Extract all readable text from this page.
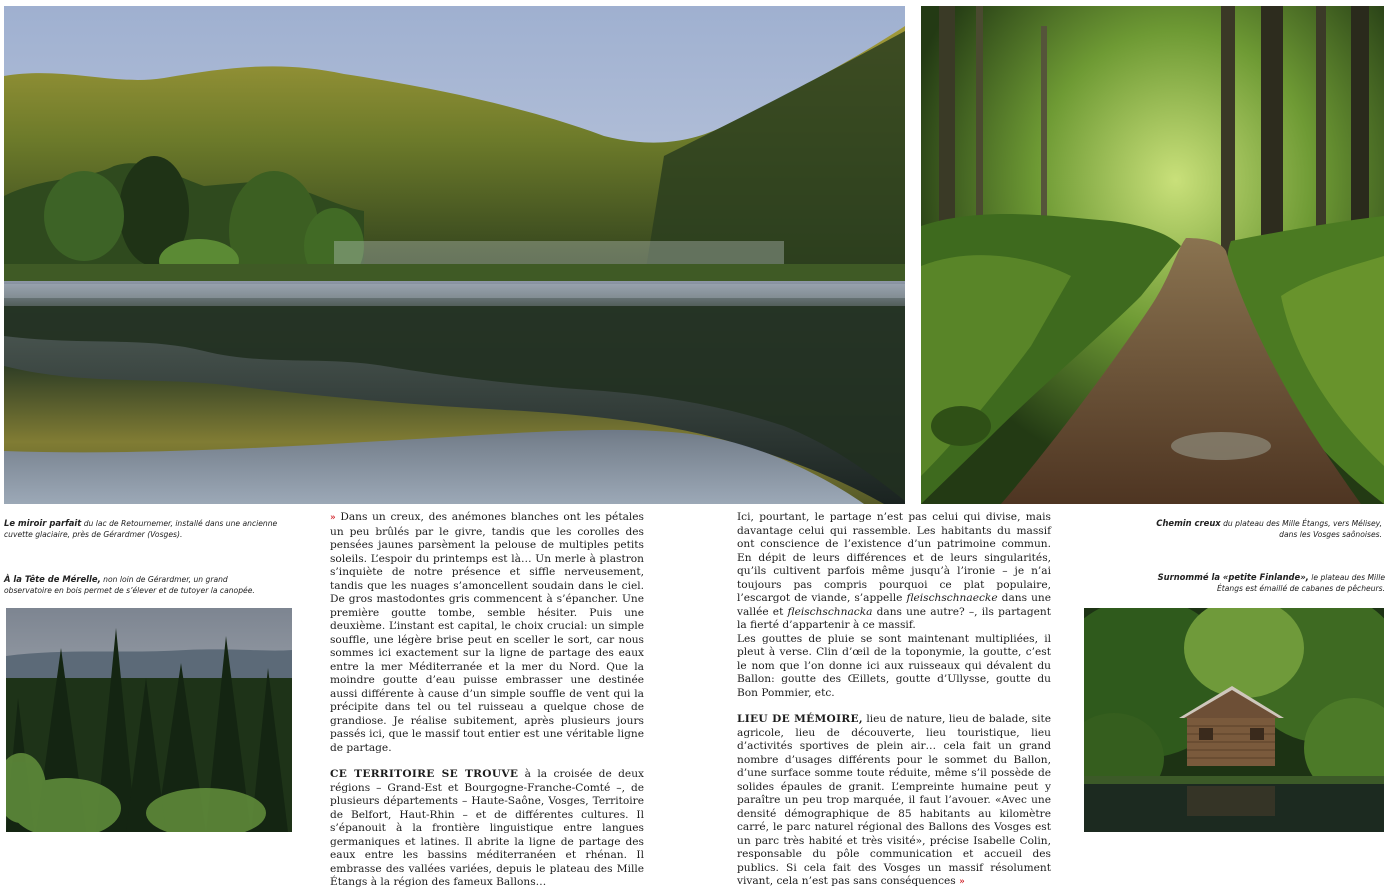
Le miroir parfait du lac de Retournemer, installé dans une ancienne cuvette glaciaire, près de Gérardmer (Vosges).
À la Tête de Mérelle, non loin de Gérardmer, un grand observatoire en bois permet de s’élever et de tutoyer la canopée.
Chemin creux du plateau des Mille Étangs, vers Mélisey, dans les Vosges saônoises.
Surnommé la «petite Finlande», le plateau des Mille Étangs est émaillé de cabanes de pêcheurs.

» Dans un creux, des anémones blanches ont les pétales un peu brûlés par le givre, tandis que les corolles des pensées jaunes parsèment la pelouse de multiples petits soleils. L’espoir du printemps est là… Un merle à plastron s’inquiète de notre présence et siffle nerveusement, tandis que les nuages s’amoncellent soudain dans le ciel. De gros mastodontes gris commencent à s’épancher. Une première goutte tombe, semble hésiter. Puis une deuxième. L’instant est capital, le choix crucial: un simple souffle, une légère brise peut en sceller le sort, car nous sommes ici exactement sur la ligne de partage des eaux entre la mer Méditerranée et la mer du Nord. Que la moindre goutte d’eau puisse embrasser une destinée aussi différente à cause d’un simple souffle de vent qui la précipite dans tel ou tel ruisseau a quelque chose de grandiose. Je réalise subitement, après plusieurs jours passés ici, que le massif tout entier est une véritable ligne de partage.

CE TERRITOIRE SE TROUVE à la croisée de deux régions – Grand-Est et Bourgogne-Franche-Comté –, de plusieurs départements – Haute-Saône, Vosges, Territoire de Belfort, Haut-Rhin – et de différentes cultures. Il s’épanouit à la frontière linguistique entre langues germaniques et latines. Il abrite la ligne de partage des eaux entre les bassins méditerranéen et rhénan. Il embrasse des vallées variées, depuis le plateau des Mille Étangs à la région des fameux Ballons…

Ici, pourtant, le partage n’est pas celui qui divise, mais davantage celui qui rassemble. Les habitants du massif ont conscience de l’existence d’un patrimoine commun. En dépit de leurs différences et de leurs singularités, qu’ils cultivent parfois même jusqu’à l’ironie – je n’ai toujours pas compris pourquoi ce plat populaire, l’escargot de viande, s’appelle fleischschnaecke dans une vallée et fleischschnacka dans une autre? –, ils partagent la fierté d’appartenir à ce massif.

Les gouttes de pluie se sont maintenant multipliées, il pleut à verse. Clin d’œil de la toponymie, la goutte, c’est le nom que l’on donne ici aux ruisseaux qui dévalent du Ballon: goutte des Œillets, goutte d’Ullysse, goutte du Bon Pommier, etc.

LIEU DE MÉMOIRE, lieu de nature, lieu de balade, site agricole, lieu de découverte, lieu touristique, lieu d’activités sportives de plein air… cela fait un grand nombre d’usages différents pour le sommet du Ballon, d’une surface somme toute réduite, même s’il possède de solides épaules de granit. L’empreinte humaine peut y paraître un peu trop marquée, il faut l’avouer. «Avec une densité démographique de 85 habitants au kilomètre carré, le parc naturel régional des Ballons des Vosges est un parc très habité et très visité», précise Isabelle Colin, responsable du pôle communication et accueil des publics. Si cela fait des Vosges un massif résolument vivant, cela n’est pas sans conséquences »
